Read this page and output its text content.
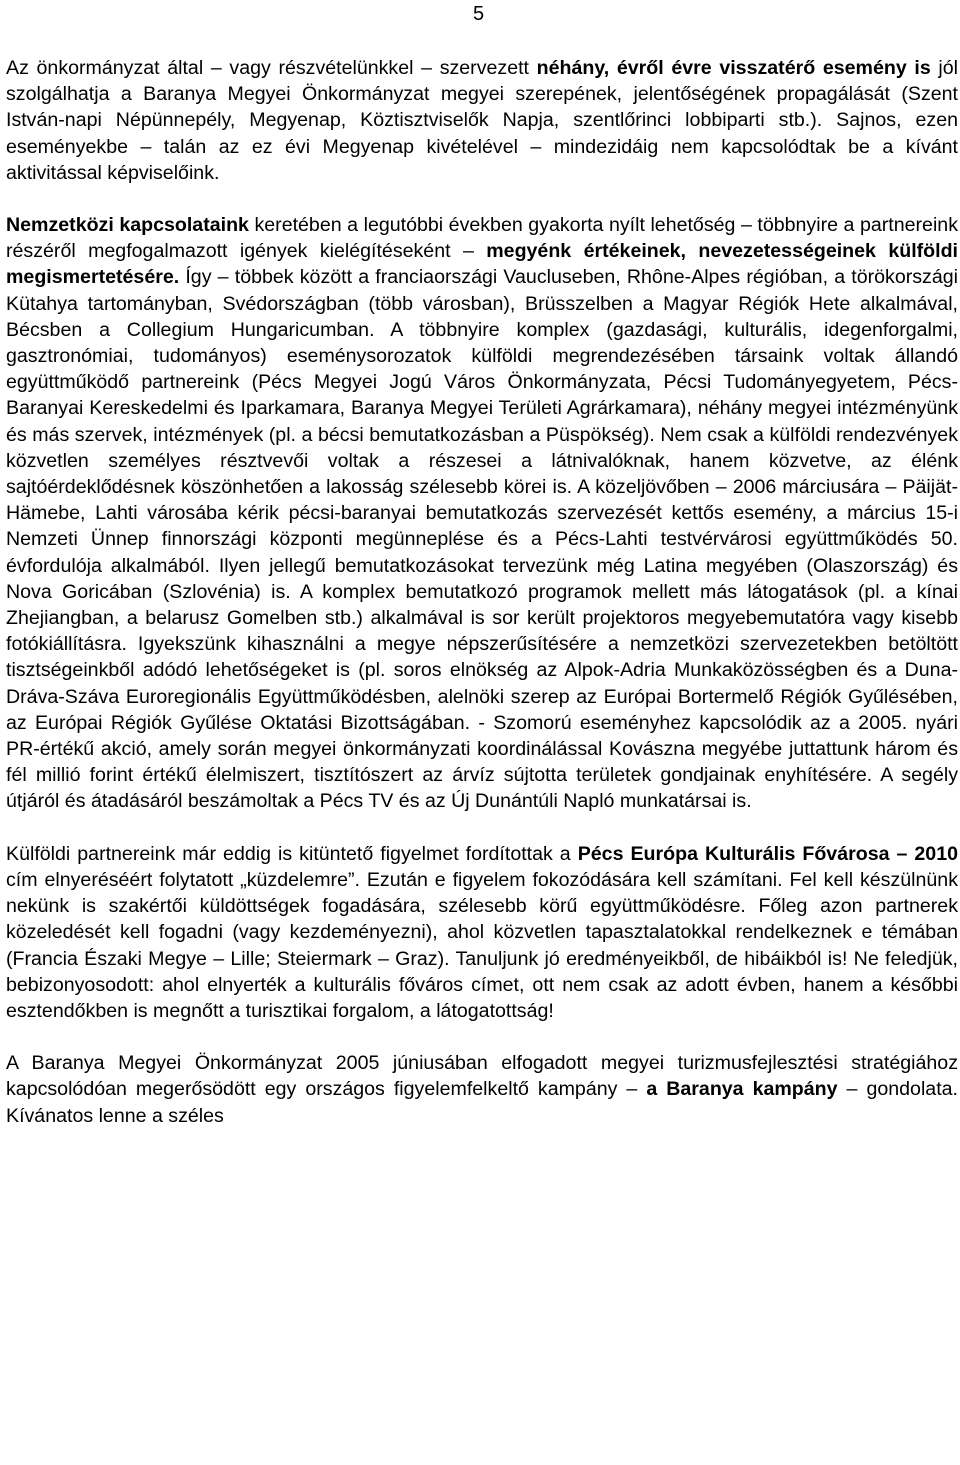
5

Az önkormányzat által – vagy részvételünkkel – szervezett néhány, évről évre visszatérő esemény is jól szolgálhatja a Baranya Megyei Önkormányzat megyei szerepének, jelentőségének propagálását (Szent István-napi Népünnepély, Megyenap, Köztisztviselők Napja, szentlőrinci lobbiparti stb.). Sajnos, ezen eseményekbe – talán az ez évi Megyenap kivételével – mindezidáig nem kapcsolódtak be a kívánt aktivitással képviselőink.

Nemzetközi kapcsolataink keretében a legutóbbi években gyakorta nyílt lehetőség – többnyire a partnereink részéről megfogalmazott igények kielégítéseként – megyénk értékeinek, nevezetességeinek külföldi megismertetésére. Így – többek között a franciaországi Vaucluseben, Rhône-Alpes régióban, a törökországi Kütahya tartományban, Svédországban (több városban), Brüsszelben a Magyar Régiók Hete alkalmával, Bécsben a Collegium Hungaricumban. A többnyire komplex (gazdasági, kulturális, idegenforgalmi, gasztronómiai, tudományos) eseménysorozatok külföldi megrendezésében társaink voltak állandó együttműködő partnereink (Pécs Megyei Jogú Város Önkormányzata, Pécsi Tudományegyetem, Pécs-Baranyai Kereskedelmi és Iparkamara, Baranya Megyei Területi Agrárkamara), néhány megyei intézményünk és más szervek, intézmények (pl. a bécsi bemutatkozásban a Püspökség). Nem csak a külföldi rendezvények közvetlen személyes résztvevői voltak a részesei a látnivalóknak, hanem közvetve, az élénk sajtóérdeklődésnek köszönhetően a lakosság szélesebb körei is. A közeljövőben – 2006 márciusára – Päijät-Hämebe, Lahti városába kérik pécsi-baranyai bemutatkozás szervezését kettős esemény, a március 15-i Nemzeti Ünnep finnországi központi megünneplése és a Pécs-Lahti testvérvárosi együttműködés 50. évfordulója alkalmából. Ilyen jellegű bemutatkozásokat tervezünk még Latina megyében (Olaszország) és Nova Goricában (Szlovénia) is. A komplex bemutatkozó programok mellett más látogatások (pl. a kínai Zhejiangban, a belarusz Gomelben stb.) alkalmával is sor került projektoros megyebemutatóra vagy kisebb fotókiállításra. Igyekszünk kihasználni a megye népszerűsítésére a nemzetközi szervezetekben betöltött tisztségeinkből adódó lehetőségeket is (pl. soros elnökség az Alpok-Adria Munkaközösségben és a Duna-Dráva-Száva Euroregionális Együttműködésben, alelnöki szerep az Európai Bortermelő Régiók Gyűlésében, az Európai Régiók Gyűlése Oktatási Bizottságában. - Szomorú eseményhez kapcsolódik az a 2005. nyári PR-értékű akció, amely során megyei önkormányzati koordinálással Kovászna megyébe juttattunk három és fél millió forint értékű élelmiszert, tisztítószert az árvíz sújtotta területek gondjainak enyhítésére. A segély útjáról és átadásáról beszámoltak a Pécs TV és az Új Dunántúli Napló munkatársai is.

Külföldi partnereink már eddig is kitüntető figyelmet fordítottak a Pécs Európa Kulturális Fővárosa – 2010 cím elnyeréséért folytatott „küzdelemre”. Ezután e figyelem fokozódására kell számítani. Fel kell készülnünk nekünk is szakértői küldöttségek fogadására, szélesebb körű együttműködésre. Főleg azon partnerek közeledését kell fogadni (vagy kezdeményezni), ahol közvetlen tapasztalatokkal rendelkeznek e témában (Francia Északi Megye – Lille; Steiermark – Graz). Tanuljunk jó eredményeikből, de hibáikból is! Ne feledjük, bebizonyosodott: ahol elnyerték a kulturális főváros címet, ott nem csak az adott évben, hanem a későbbi esztendőkben is megnőtt a turisztikai forgalom, a látogatottság!

A Baranya Megyei Önkormányzat 2005 júniusában elfogadott megyei turizmusfejlesztési stratégiához kapcsolódóan megerősödött egy országos figyelemfelkeltő kampány – a Baranya kampány – gondolata. Kívánatos lenne a széles
